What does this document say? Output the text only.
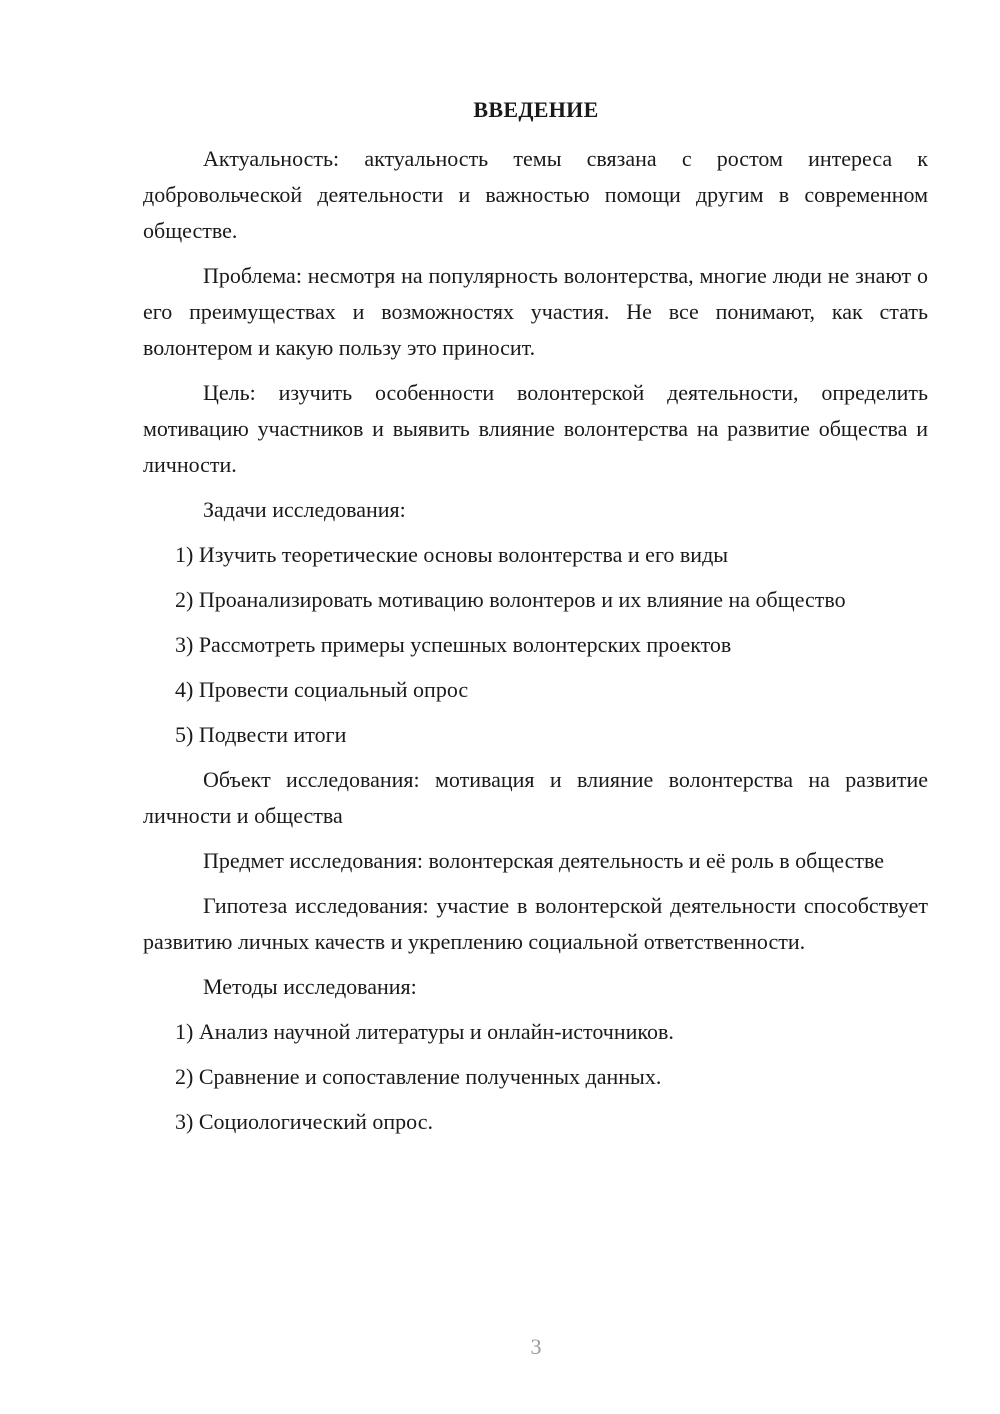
ВВЕДЕНИЕ

Актуальность: актуальность темы связана с ростом интереса к добровольческой деятельности и важностью помощи другим в современном обществе.

Проблема: несмотря на популярность волонтерства, многие люди не знают о его преимуществах и возможностях участия. Не все понимают, как стать волонтером и какую пользу это приносит.

Цель: изучить особенности волонтерской деятельности, определить мотивацию участников и выявить влияние волонтерства на развитие общества и личности.

Задачи исследования:

1) Изучить теоретические основы волонтерства и его виды

2) Проанализировать мотивацию волонтеров и их влияние на общество

3) Рассмотреть примеры успешных волонтерских проектов

4) Провести социальный опрос

5) Подвести итоги

Объект исследования: мотивация и влияние волонтерства на развитие личности и общества

Предмет исследования: волонтерская деятельность и её роль в обществе

Гипотеза исследования: участие в волонтерской деятельности способствует развитию личных качеств и укреплению социальной ответственности.

Методы исследования:

1) Анализ научной литературы и онлайн-источников.

2) Сравнение и сопоставление полученных данных.

3) Социологический опрос.

3
